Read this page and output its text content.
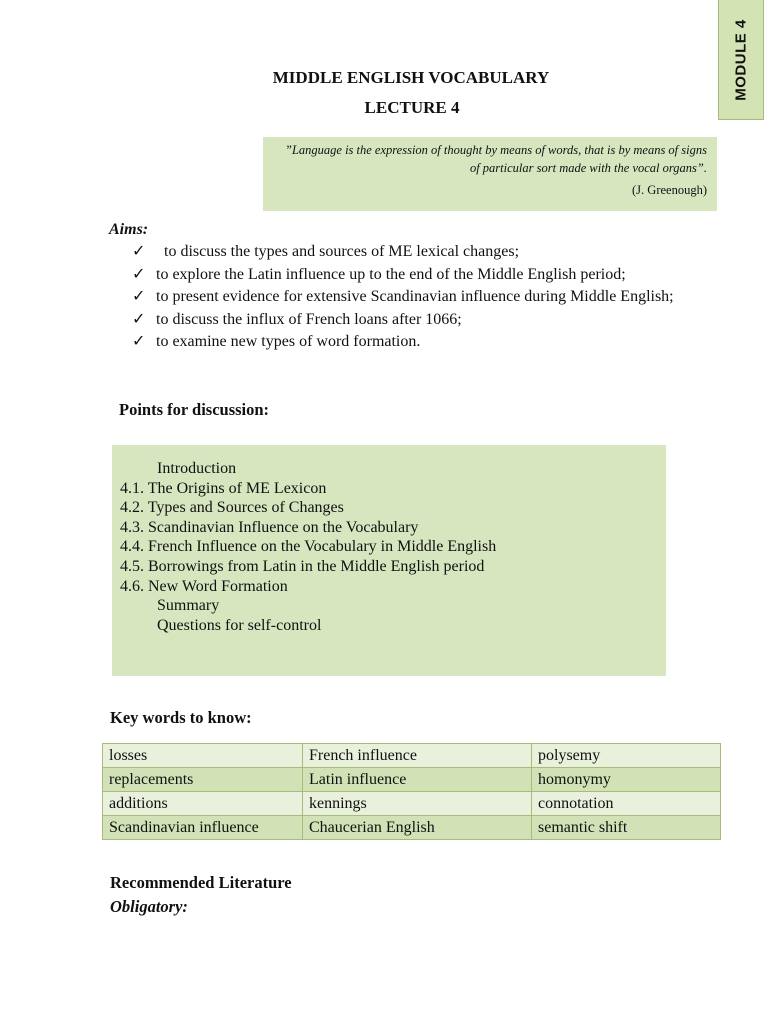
MODULE 4
MIDDLE ENGLISH VOCABULARY
LECTURE 4
”Language is the expression of thought by means of words, that is by means of signs of particular sort made with the vocal organs”.
(J. Greenough)
Aims:
✓ to discuss the types and sources of ME lexical changes;
✓ to explore the Latin influence up to the end of the Middle English period;
✓ to present evidence for extensive Scandinavian influence during Middle English;
✓ to discuss the influx of French loans after 1066;
✓ to examine new types of word formation.
Points for discussion:
Introduction
4.1. The Origins of ME Lexicon
4.2. Types and Sources of Changes
4.3. Scandinavian Influence on the Vocabulary
4.4. French Influence on the Vocabulary in Middle English
4.5. Borrowings from Latin in the Middle English period
4.6. New Word Formation
Summary
Questions for self-control
Key words to know:
losses	French influence	polysemy
replacements	Latin influence	homonymy
additions	kennings	connotation
Scandinavian influence	Chaucerian English	semantic shift
Recommended Literature
Obligatory:
